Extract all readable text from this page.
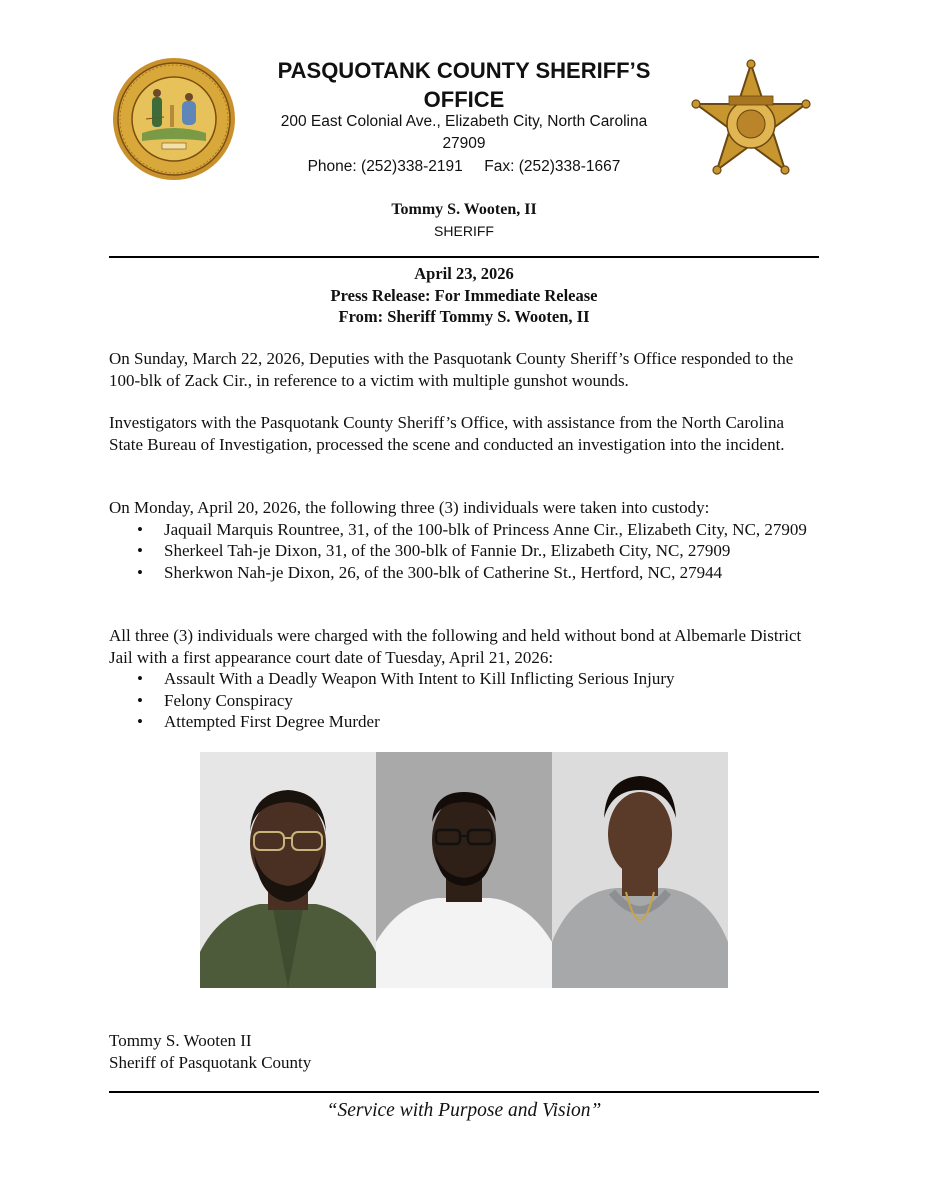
PASQUOTANK COUNTY SHERIFF’S OFFICE
200 East Colonial Ave., Elizabeth City, North Carolina
27909
Phone: (252)338-2191     Fax: (252)338-1667
Tommy S. Wooten, II
SHERIFF
April 23, 2026
Press Release: For Immediate Release
From: Sheriff Tommy S. Wooten, II

On Sunday, March 22, 2026, Deputies with the Pasquotank County Sheriff’s Office responded to the 100-blk of Zack Cir., in reference to a victim with multiple gunshot wounds.

Investigators with the Pasquotank County Sheriff’s Office, with assistance from the North Carolina State Bureau of Investigation, processed the scene and conducted an investigation into the incident.

On Monday, April 20, 2026, the following three (3) individuals were taken into custody:

• Jaquail Marquis Rountree, 31, of the 100-blk of Princess Anne Cir., Elizabeth City, NC, 27909
• Sherkeel Tah-je Dixon, 31, of the 300-blk of Fannie Dr., Elizabeth City, NC, 27909
• Sherkwon Nah-je Dixon, 26, of the 300-blk of Catherine St., Hertford, NC, 27944

All three (3) individuals were charged with the following and held without bond at Albemarle District Jail with a first appearance court date of Tuesday, April 21, 2026:

• Assault With a Deadly Weapon With Intent to Kill Inflicting Serious Injury
• Felony Conspiracy
• Attempted First Degree Murder
Tommy S. Wooten II
Sheriff of Pasquotank County
“Service with Purpose and Vision”
